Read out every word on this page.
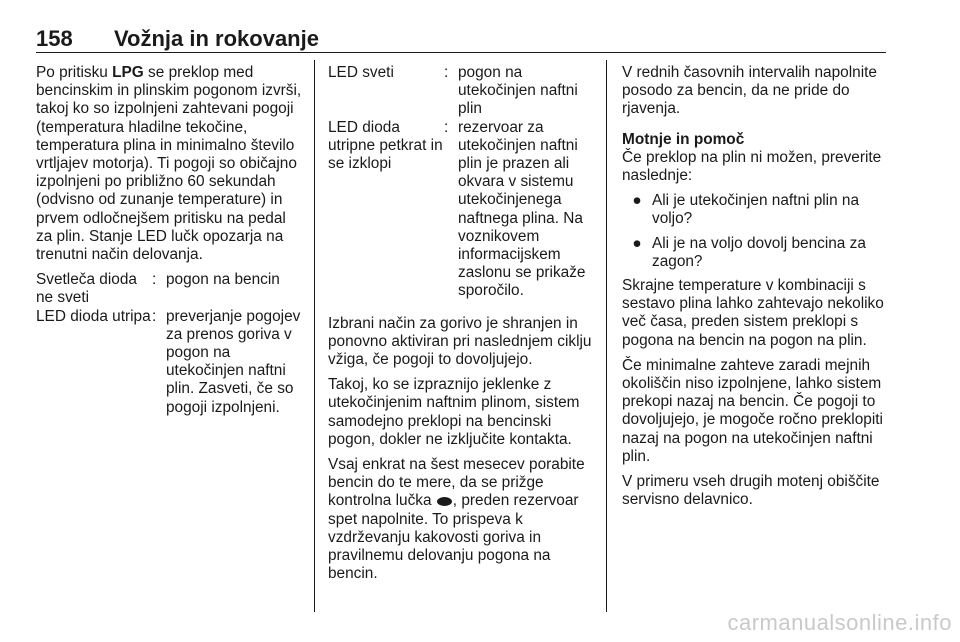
158 Vožnja in rokovanje

Po pritisku LPG se preklop med bencinskim in plinskim pogonom izvrši, takoj ko so izpolnjeni zahtevani pogoji (temperatura hladilne tekočine, temperatura plina in minimalno število vrtljajev motorja). Ti pogoji so običajno izpolnjeni po približno 60 sekundah (odvisno od zunanje temperature) in prvem odločnejšem pritisku na pedal za plin. Stanje LED lučk opozarja na trenutni način delovanja.

Svetleča dioda ne sveti
: pogon na bencin
LED dioda utripa : preverjanje pogojev za prenos goriva v pogon na utekočinjen naftni plin. Zasveti, če so pogoji izpolnjeni.
LED sveti	: pogon na utekočinjen naftni plin
LED dioda utripne petkrat in se izklopi
: rezervoar za utekočinjen naftni plin je prazen ali okvara v sistemu utekočinjenega naftnega plina. Na voznikovem informacijskem zaslonu se prikaže sporočilo.

Izbrani način za gorivo je shranjen in ponovno aktiviran pri naslednjem ciklju vžiga, če pogoji to dovoljujejo.

Takoj, ko se izpraznijo jeklenke z utekočinjenim naftnim plinom, sistem samodejno preklopi na bencinski pogon, dokler ne izključite kontakta.

Vsaj enkrat na šest mesecev porabite bencin do te mere, da se prižge kontrolna lučka , preden rezervoar spet napolnite. To prispeva k vzdrževanju kakovosti goriva in pravilnemu delovanju pogona na bencin.

V rednih časovnih intervalih napolnite posodo za bencin, da ne pride do rjavenja.

Motnje in pomoč

Če preklop na plin ni možen, preverite naslednje:

● Ali je utekočinjen naftni plin na voljo?
● Ali je na voljo dovolj bencina za zagon?

Skrajne temperature v kombinaciji s sestavo plina lahko zahtevajo nekoliko več časa, preden sistem preklopi s pogona na bencin na pogon na plin.

Če minimalne zahteve zaradi mejnih okoliščin niso izpolnjene, lahko sistem prekopi nazaj na bencin. Če pogoji to dovoljujejo, je mogoče ročno preklopiti nazaj na pogon na utekočinjen naftni plin.

V primeru vseh drugih motenj obiščite servisno delavnico.

carmanualsonline.info
